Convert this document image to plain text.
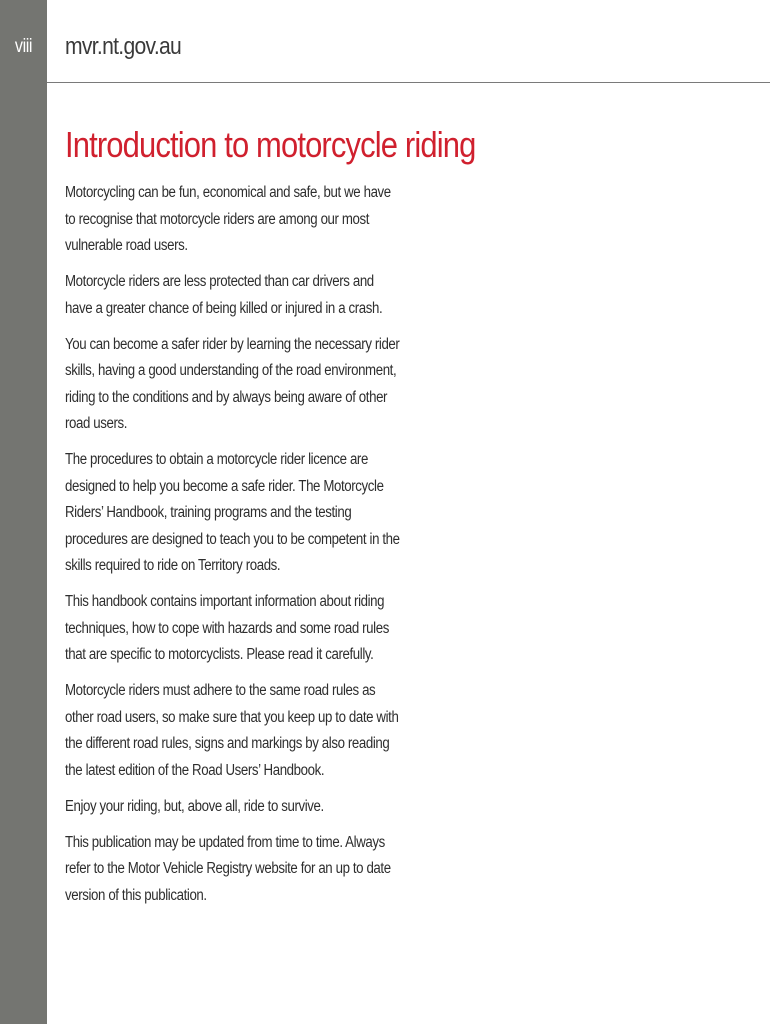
viii	mvr.nt.gov.au
Introduction to motorcycle riding

Motorcycling can be fun, economical and safe, but we have
to recognise that motorcycle riders are among our most
vulnerable road users.

Motorcycle riders are less protected than car drivers and
have a greater chance of being killed or injured in a crash.

You can become a safer rider by learning the necessary rider
skills, having a good understanding of the road environment,
riding to the conditions and by always being aware of other
road users.

The procedures to obtain a motorcycle rider licence are
designed to help you become a safe rider. The Motorcycle
Riders’ Handbook, training programs and the testing
procedures are designed to teach you to be competent in the
skills required to ride on Territory roads.

This handbook contains important information about riding
techniques, how to cope with hazards and some road rules
that are specific to motorcyclists. Please read it carefully.

Motorcycle riders must adhere to the same road rules as
other road users, so make sure that you keep up to date with
the different road rules, signs and markings by also reading
the latest edition of the Road Users’ Handbook.

Enjoy your riding, but, above all, ride to survive.

This publication may be updated from time to time. Always
refer to the Motor Vehicle Registry website for an up to date
version of this publication.
